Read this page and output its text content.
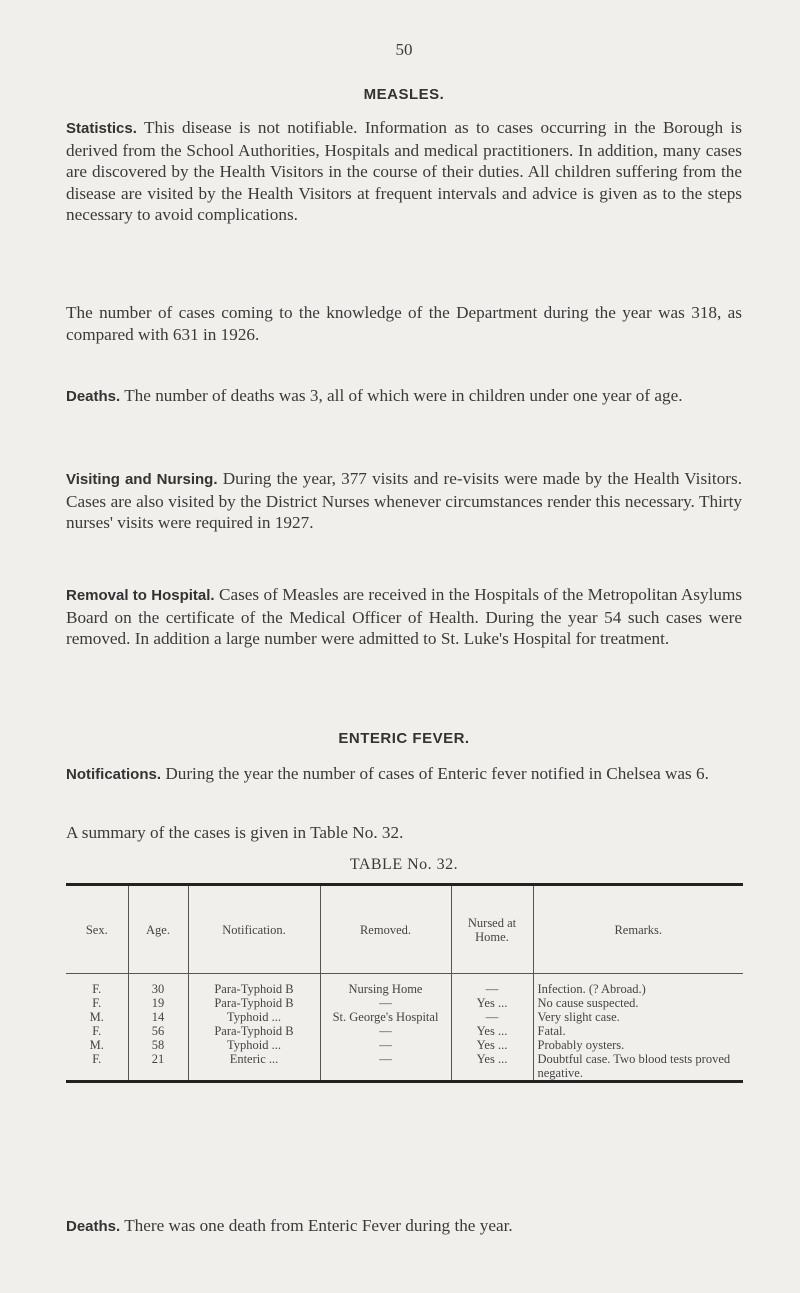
50
MEASLES.

Statistics. This disease is not notifiable. Information as to cases occurring in the Borough is derived from the School Authorities, Hospitals and medical practitioners. In addition, many cases are discovered by the Health Visitors in the course of their duties. All children suffering from the disease are visited by the Health Visitors at frequent intervals and advice is given as to the steps necessary to avoid complications.

The number of cases coming to the knowledge of the Department during the year was 318, as compared with 631 in 1926.

Deaths. The number of deaths was 3, all of which were in children under one year of age.

Visiting and Nursing. During the year, 377 visits and re-visits were made by the Health Visitors. Cases are also visited by the District Nurses whenever circumstances render this necessary. Thirty nurses' visits were required in 1927.

Removal to Hospital. Cases of Measles are received in the Hospitals of the Metropolitan Asylums Board on the certificate of the Medical Officer of Health. During the year 54 such cases were removed. In addition a large number were admitted to St. Luke's Hospital for treatment.

ENTERIC FEVER.

Notifications. During the year the number of cases of Enteric fever notified in Chelsea was 6.

A summary of the cases is given in Table No. 32.

TABLE No. 32.
Sex.	Age.	Notification.	Removed.	Nursed at Home.	Remarks.
F.	30	Para-Typhoid B	Nursing Home	—	Infection. (? Abroad.)
F.	19	Para-Typhoid B	—	Yes ...	No cause suspected.
M.	14	Typhoid ...	St. George's Hospital	—	Very slight case.
F.	56	Para-Typhoid B	—	Yes ...	Fatal.
M.	58	Typhoid ...	—	Yes ...	Probably oysters.
F.	21	Enteric ...	—	Yes ...	Doubtful case. Two blood tests proved negative.

Deaths. There was one death from Enteric Fever during the year.
